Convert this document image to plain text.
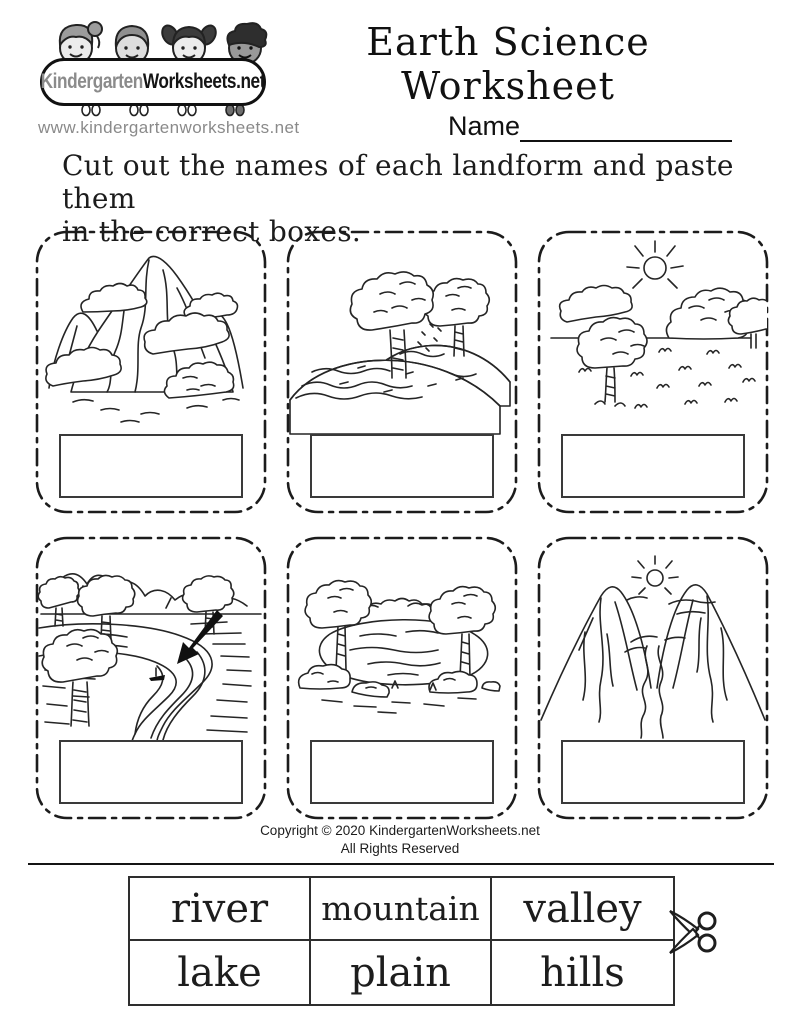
KindergartenWorksheets.net
www.kindergartenworksheets.net
Earth Science Worksheet
Name
Cut out the names of each landform and paste them
in the correct boxes.
Copyright © 2020 KindergartenWorksheets.net
All Rights Reserved
river	mountain	valley
lake	plain	hills
